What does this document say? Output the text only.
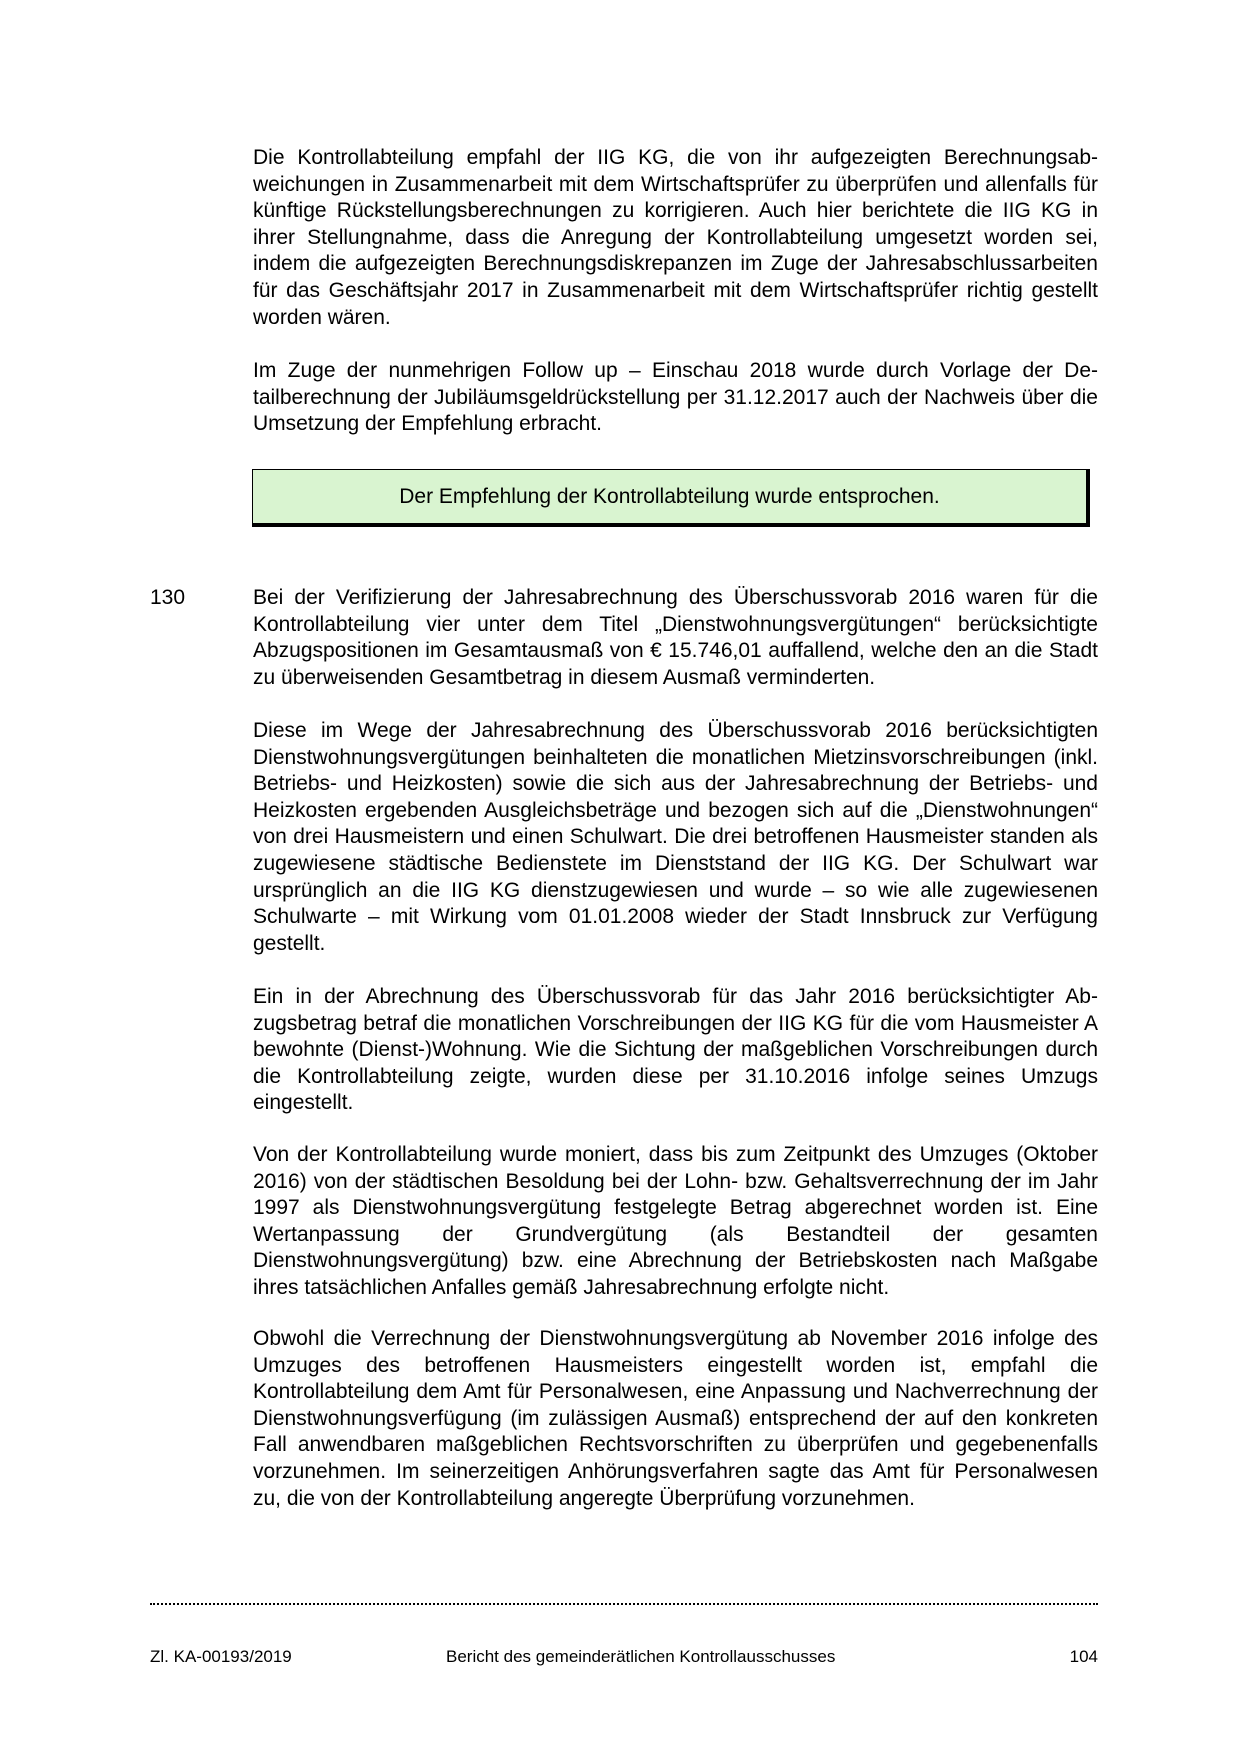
Die Kontrollabteilung empfahl der IIG KG, die von ihr aufgezeigten Berechnungsabweichungen in Zusammenarbeit mit dem Wirtschaftsprüfer zu überprüfen und allenfalls für künftige Rückstellungsberechnungen zu korrigieren. Auch hier berichtete die IIG KG in ihrer Stellungnahme, dass die Anregung der Kontrollabteilung umgesetzt worden sei, indem die aufgezeigten Berechnungsdiskrepanzen im Zuge der Jahresabschlussarbeiten für das Geschäftsjahr 2017 in Zusammenarbeit mit dem Wirtschaftsprüfer richtig gestellt worden wären.

Im Zuge der nunmehrigen Follow up – Einschau 2018 wurde durch Vorlage der Detailberechnung der Jubiläumsgeldrückstellung per 31.12.2017 auch der Nachweis über die Umsetzung der Empfehlung erbracht.

Der Empfehlung der Kontrollabteilung wurde entsprochen.

130	Bei der Verifizierung der Jahresabrechnung des Überschussvorab 2016 waren für die Kontrollabteilung vier unter dem Titel „Dienstwohnungsvergütungen“ berücksichtigte Abzugspositionen im Gesamtausmaß von € 15.746,01 auffallend, welche den an die Stadt zu überweisenden Gesamtbetrag in diesem Ausmaß verminderten.

Diese im Wege der Jahresabrechnung des Überschussvorab 2016 berücksichtigten Dienstwohnungsvergütungen beinhalteten die monatlichen Mietzinsvorschreibungen (inkl. Betriebs- und Heizkosten) sowie die sich aus der Jahresabrechnung der Betriebs- und Heizkosten ergebenden Ausgleichsbeträge und bezogen sich auf die „Dienstwohnungen“ von drei Hausmeistern und einen Schulwart. Die drei betroffenen Hausmeister standen als zugewiesene städtische Bedienstete im Dienststand der IIG KG. Der Schulwart war ursprünglich an die IIG KG dienstzugewiesen und wurde – so wie alle zugewiesenen Schulwarte – mit Wirkung vom 01.01.2008 wieder der Stadt Innsbruck zur Verfügung gestellt.

Ein in der Abrechnung des Überschussvorab für das Jahr 2016 berücksichtigter Abzugsbetrag betraf die monatlichen Vorschreibungen der IIG KG für die vom Hausmeister A bewohnte (Dienst-)Wohnung. Wie die Sichtung der maßgeblichen Vorschreibungen durch die Kontrollabteilung zeigte, wurden diese per 31.10.2016 infolge seines Umzugs eingestellt.

Von der Kontrollabteilung wurde moniert, dass bis zum Zeitpunkt des Umzuges (Oktober 2016) von der städtischen Besoldung bei der Lohn- bzw. Gehaltsverrechnung der im Jahr 1997 als Dienstwohnungsvergütung festgelegte Betrag abgerechnet worden ist. Eine Wertanpassung der Grundvergütung (als Bestandteil der gesamten Dienstwohnungsvergütung) bzw. eine Abrechnung der Betriebskosten nach Maßgabe ihres tatsächlichen Anfalles gemäß Jahresabrechnung erfolgte nicht.

Obwohl die Verrechnung der Dienstwohnungsvergütung ab November 2016 infolge des Umzuges des betroffenen Hausmeisters eingestellt worden ist, empfahl die Kontrollabteilung dem Amt für Personalwesen, eine Anpassung und Nachverrechnung der Dienstwohnungsverfügung (im zulässigen Ausmaß) entsprechend der auf den konkreten Fall anwendbaren maßgeblichen Rechtsvorschriften zu überprüfen und gegebenenfalls vorzunehmen. Im seinerzeitigen Anhörungsverfahren sagte das Amt für Personalwesen zu, die von der Kontrollabteilung angeregte Überprüfung vorzunehmen.

Zl. KA-00193/2019	Bericht des gemeinderätlichen Kontrollausschusses	104
